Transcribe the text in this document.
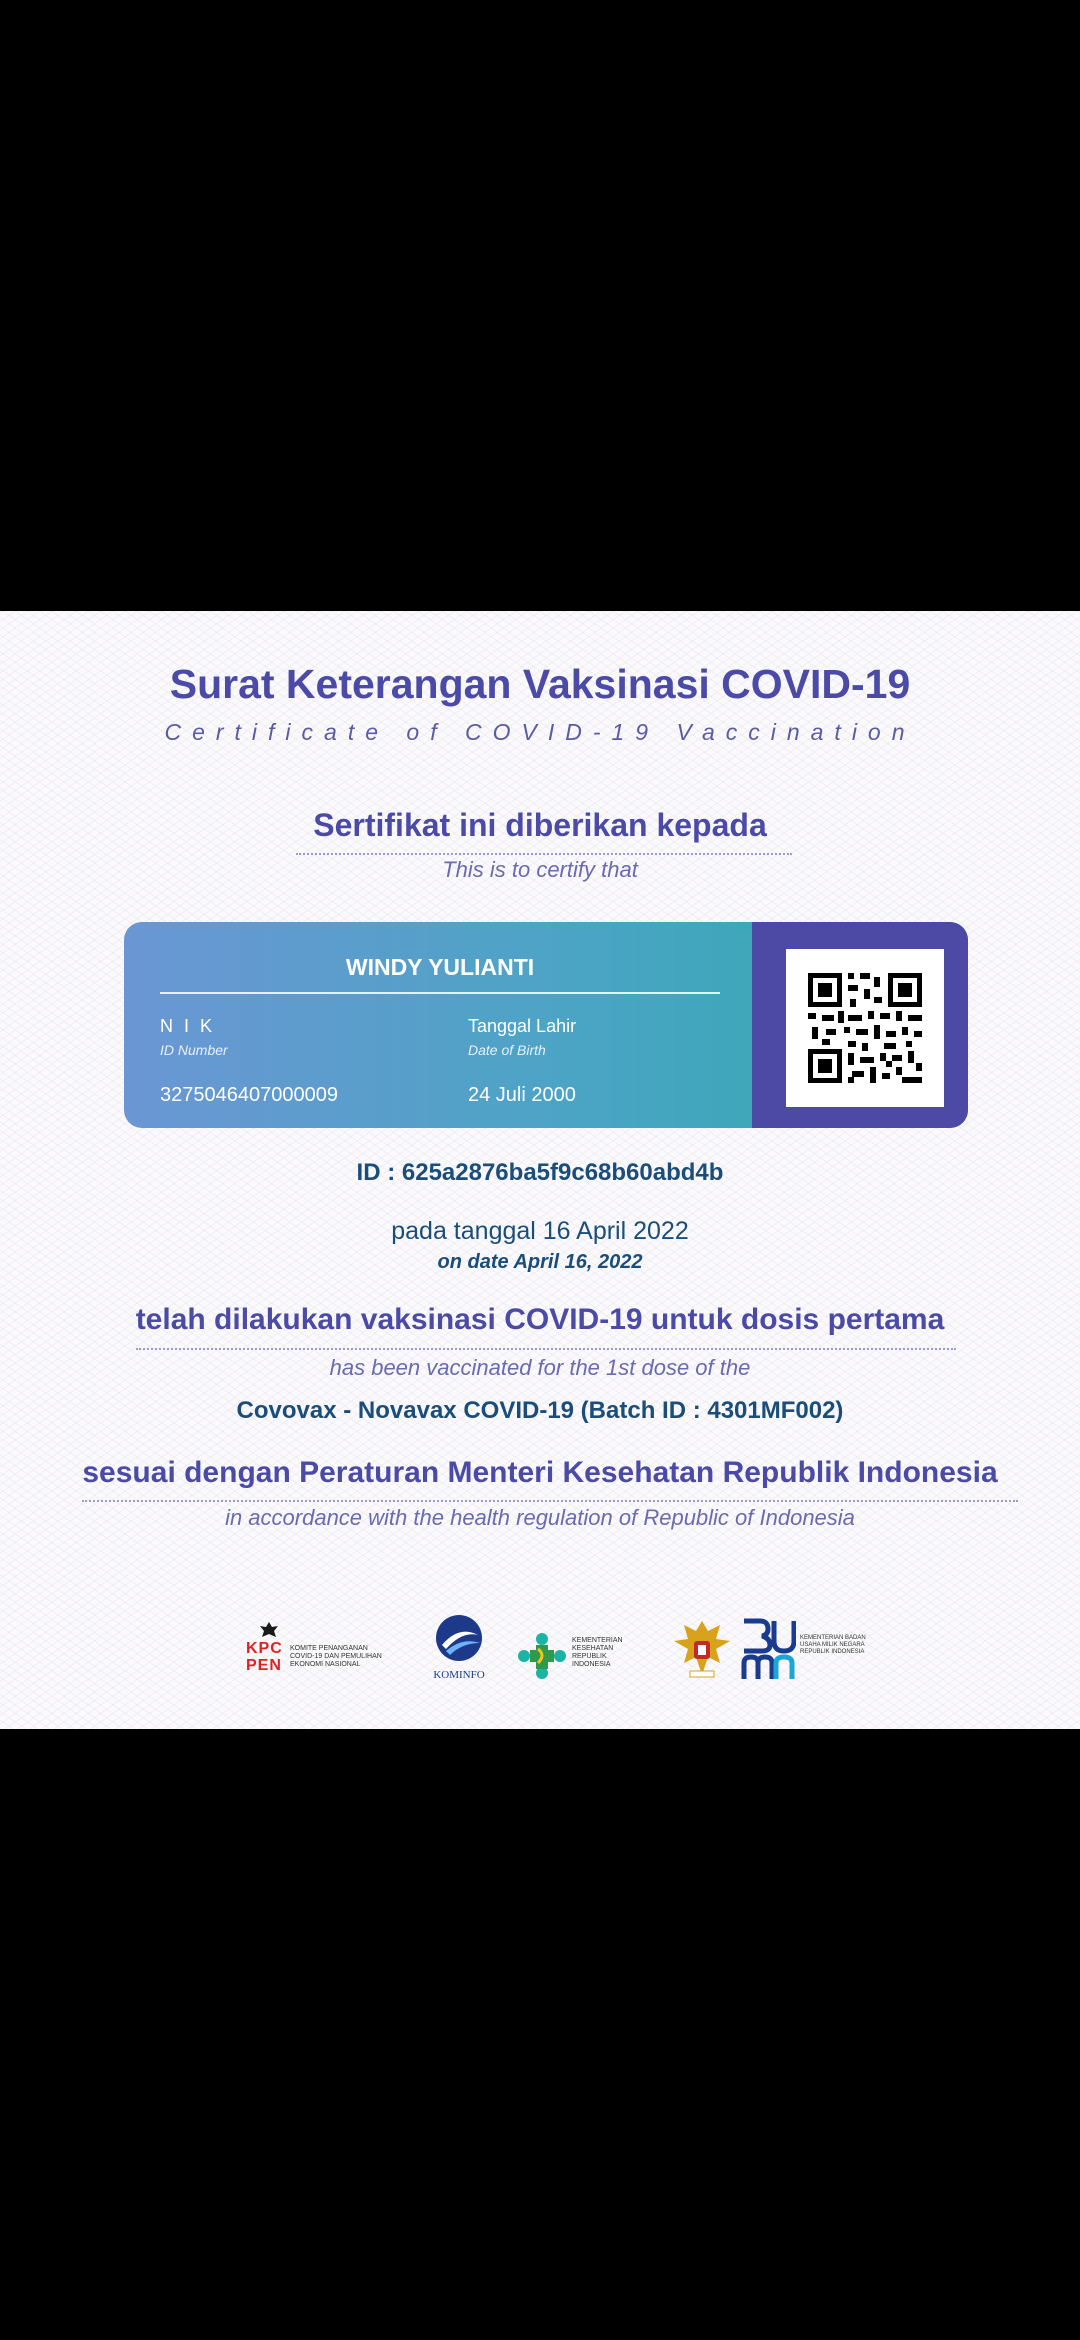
Surat Keterangan Vaksinasi COVID-19
Certificate of COVID-19 Vaccination
Sertifikat ini diberikan kepada
This is to certify that
WINDY YULIANTI
N I K
ID Number
3275046407000009
Tanggal Lahir
Date of Birth
24 Juli 2000
ID : 625a2876ba5f9c68b60abd4b
pada tanggal 16 April 2022
on date April 16, 2022
telah dilakukan vaksinasi COVID-19 untuk dosis pertama
has been vaccinated for the 1st dose of the
Covovax - Novavax COVID-19 (Batch ID : 4301MF002)
sesuai dengan Peraturan Menteri Kesehatan Republik Indonesia
in accordance with the health regulation of Republic of Indonesia
KPC
PEN
KOMITE PENANGANAN COVID-19 DAN PEMULIHAN EKONOMI NASIONAL
KOMINFO
KEMENTERIAN KESEHATAN REPUBLIK INDONESIA
KEMENTERIAN BADAN USAHA MILIK NEGARA REPUBLIK INDONESIA
